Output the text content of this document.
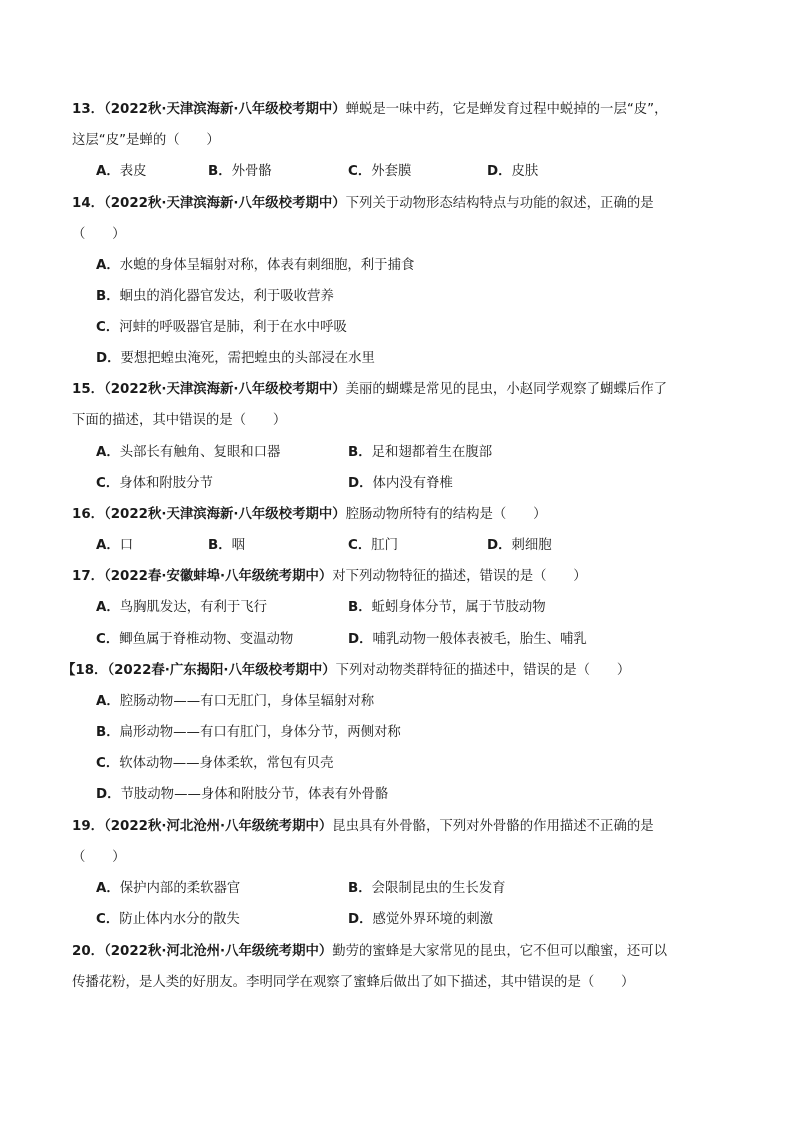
13．（2022秋·天津滨海新·八年级校考期中）蝉蜕是一味中药，它是蝉发育过程中蜕掉的一层“皮”，
这层“皮”是蝉的（　　）
A．表皮	B．外骨骼	C．外套膜	D．皮肤
14．（2022秋·天津滨海新·八年级校考期中）下列关于动物形态结构特点与功能的叙述，正确的是
（　　）
A．水螅的身体呈辐射对称，体表有刺细胞，利于捕食
B．蛔虫的消化器官发达，利于吸收营养
C．河蚌的呼吸器官是肺，利于在水中呼吸
D．要想把蝗虫淹死，需把蝗虫的头部浸在水里
15．（2022秋·天津滨海新·八年级校考期中）美丽的蝴蝶是常见的昆虫，小赵同学观察了蝴蝶后作了
下面的描述，其中错误的是（　　）
A．头部长有触角、复眼和口器	B．足和翅都着生在腹部
C．身体和附肢分节	D．体内没有脊椎
16．（2022秋·天津滨海新·八年级校考期中）腔肠动物所特有的结构是（　　）
A．口	B．咽	C．肛门	D．刺细胞
17．（2022春·安徽蚌埠·八年级统考期中）对下列动物特征的描述，错误的是（　　）
A．鸟胸肌发达，有利于飞行	B．蚯蚓身体分节，属于节肢动物
C．鲫鱼属于脊椎动物、变温动物	D．哺乳动物一般体表被毛，胎生、哺乳
【18．（2022春·广东揭阳·八年级校考期中）下列对动物类群特征的描述中，错误的是（　　）
A．腔肠动物——有口无肛门，身体呈辐射对称
B．扁形动物——有口有肛门，身体分节，两侧对称
C．软体动物——身体柔软，常包有贝壳
D．节肢动物——身体和附肢分节，体表有外骨骼
19．（2022秋·河北沧州·八年级统考期中）昆虫具有外骨骼，下列对外骨骼的作用描述不正确的是
（　　）
A．保护内部的柔软器官	B．会限制昆虫的生长发育
C．防止体内水分的散失	D．感觉外界环境的刺激
20．（2022秋·河北沧州·八年级统考期中）勤劳的蜜蜂是大家常见的昆虫，它不但可以酿蜜，还可以
传播花粉，是人类的好朋友。李明同学在观察了蜜蜂后做出了如下描述，其中错误的是（　　）
